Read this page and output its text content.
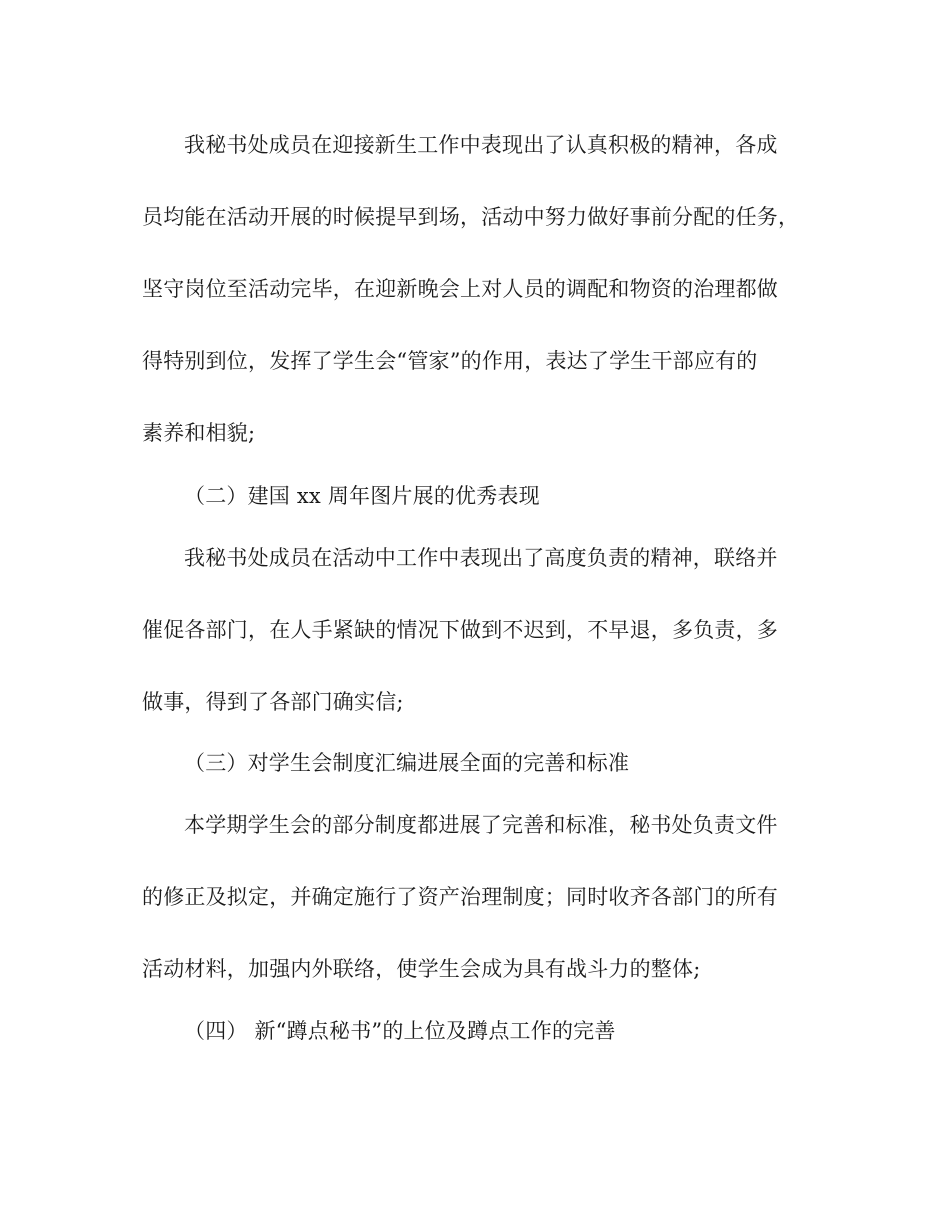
我秘书处成员在迎接新生工作中表现出了认真积极的精神，各成
员均能在活动开展的时候提早到场，活动中努力做好事前分配的任务，
坚守岗位至活动完毕，在迎新晚会上对人员的调配和物资的治理都做
得特别到位，发挥了学生会“管家”的作用，表达了学生干部应有的
素养和相貌;
（二）建国 xx 周年图片展的优秀表现
我秘书处成员在活动中工作中表现出了高度负责的精神，联络并
催促各部门，在人手紧缺的情况下做到不迟到，不早退，多负责，多
做事，得到了各部门确实信;
（三）对学生会制度汇编进展全面的完善和标准
本学期学生会的部分制度都进展了完善和标准，秘书处负责文件
的修正及拟定，并确定施行了资产治理制度；同时收齐各部门的所有
活动材料，加强内外联络，使学生会成为具有战斗力的整体;
（四） 新“蹲点秘书”的上位及蹲点工作的完善
